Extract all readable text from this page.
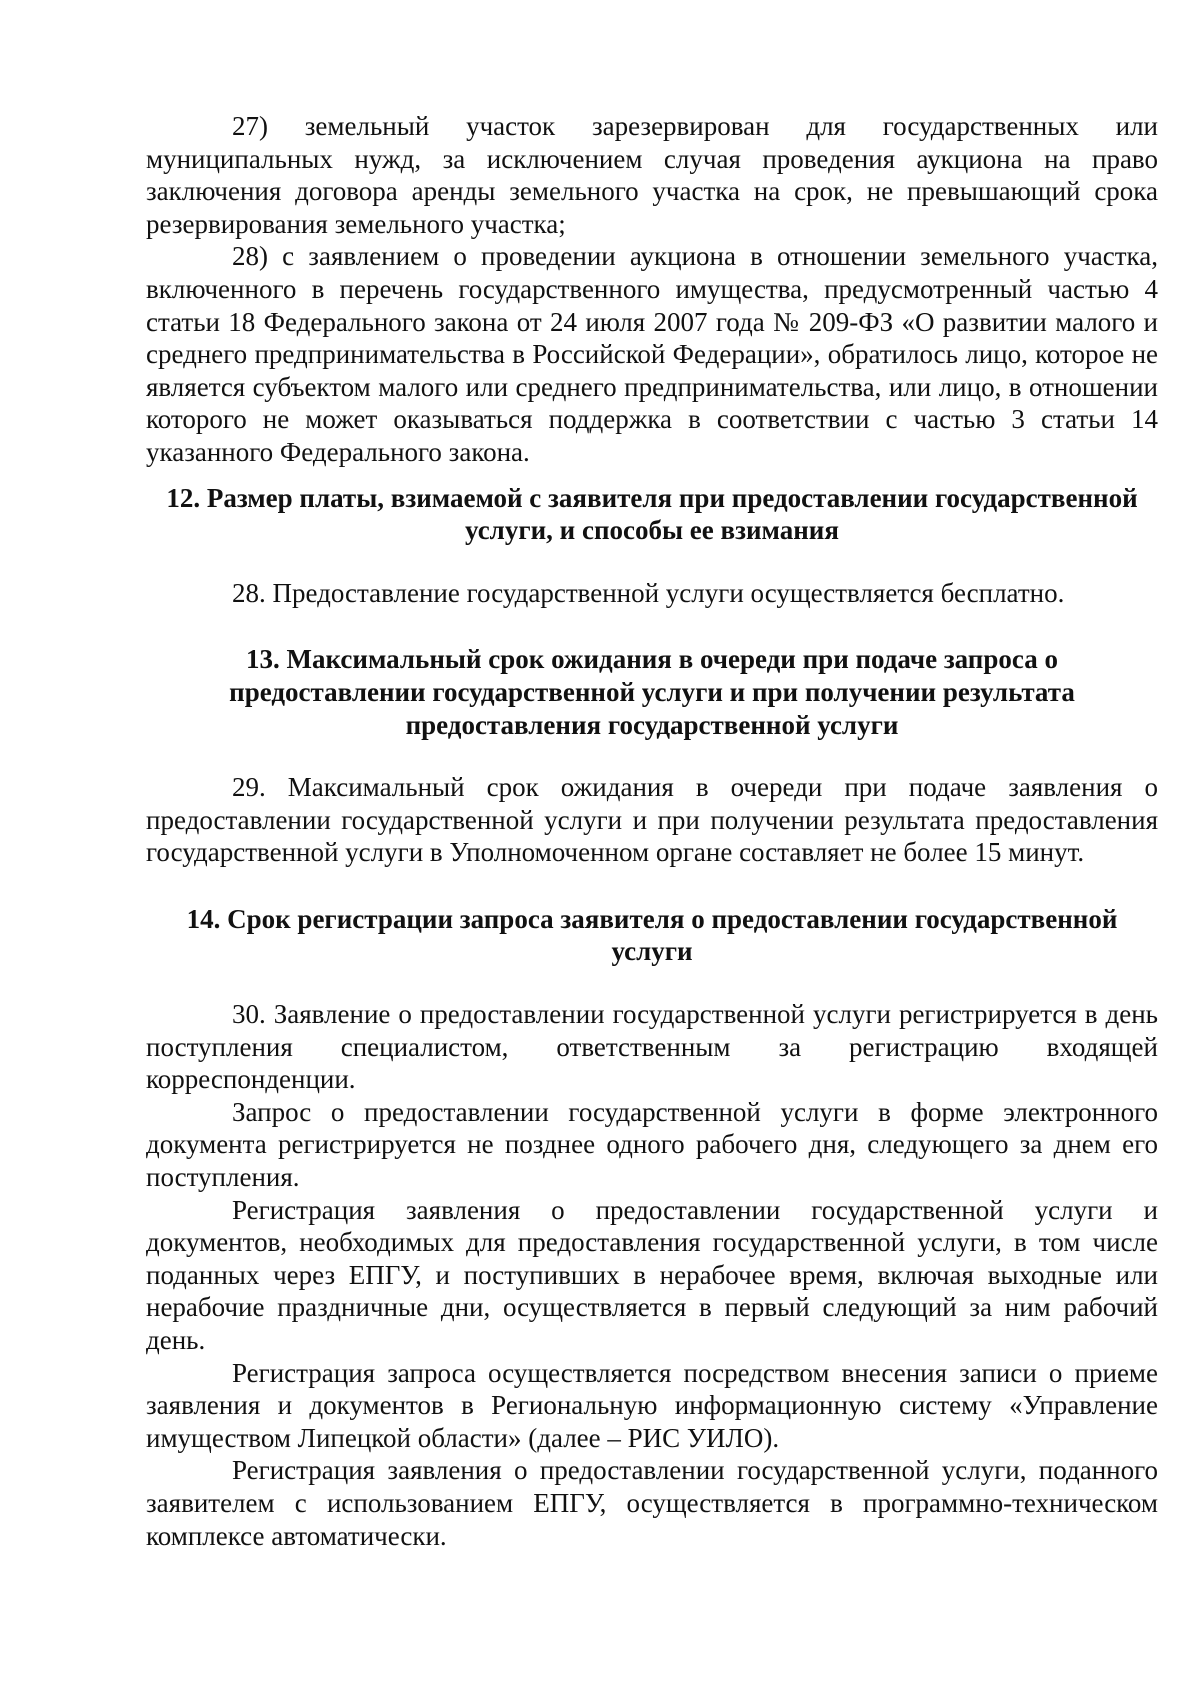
27) земельный участок зарезервирован для государственных или муниципальных нужд, за исключением случая проведения аукциона на право заключения договора аренды земельного участка на срок, не превышающий срока резервирования земельного участка;

28) с заявлением о проведении аукциона в отношении земельного участка, включенного в перечень государственного имущества, предусмотренный частью 4 статьи 18 Федерального закона от 24 июля 2007 года № 209-ФЗ «О развитии малого и среднего предпринимательства в Российской Федерации», обратилось лицо, которое не является субъектом малого или среднего предпринимательства, или лицо, в отношении которого не может оказываться поддержка в соответствии с частью 3 статьи 14 указанного Федерального закона.

12. Размер платы, взимаемой с заявителя при предоставлении государственной услуги, и способы ее взимания

28. Предоставление государственной услуги осуществляется бесплатно.

13. Максимальный срок ожидания в очереди при подаче запроса о предоставлении государственной услуги и при получении результата предоставления государственной услуги

29. Максимальный срок ожидания в очереди при подаче заявления о предоставлении государственной услуги и при получении результата предоставления государственной услуги в Уполномоченном органе составляет не более 15 минут.

14. Срок регистрации запроса заявителя о предоставлении государственной услуги

30. Заявление о предоставлении государственной услуги регистрируется в день поступления специалистом, ответственным за регистрацию входящей корреспонденции.

Запрос о предоставлении государственной услуги в форме электронного документа регистрируется не позднее одного рабочего дня, следующего за днем его поступления.

Регистрация заявления о предоставлении государственной услуги и документов, необходимых для предоставления государственной услуги, в том числе поданных через ЕПГУ, и поступивших в нерабочее время, включая выходные или нерабочие праздничные дни, осуществляется в первый следующий за ним рабочий день.

Регистрация запроса осуществляется посредством внесения записи о приеме заявления и документов в Региональную информационную систему «Управление имуществом Липецкой области» (далее – РИС УИЛО).

Регистрация заявления о предоставлении государственной услуги, поданного заявителем с использованием ЕПГУ, осуществляется в программно-техническом комплексе автоматически.
